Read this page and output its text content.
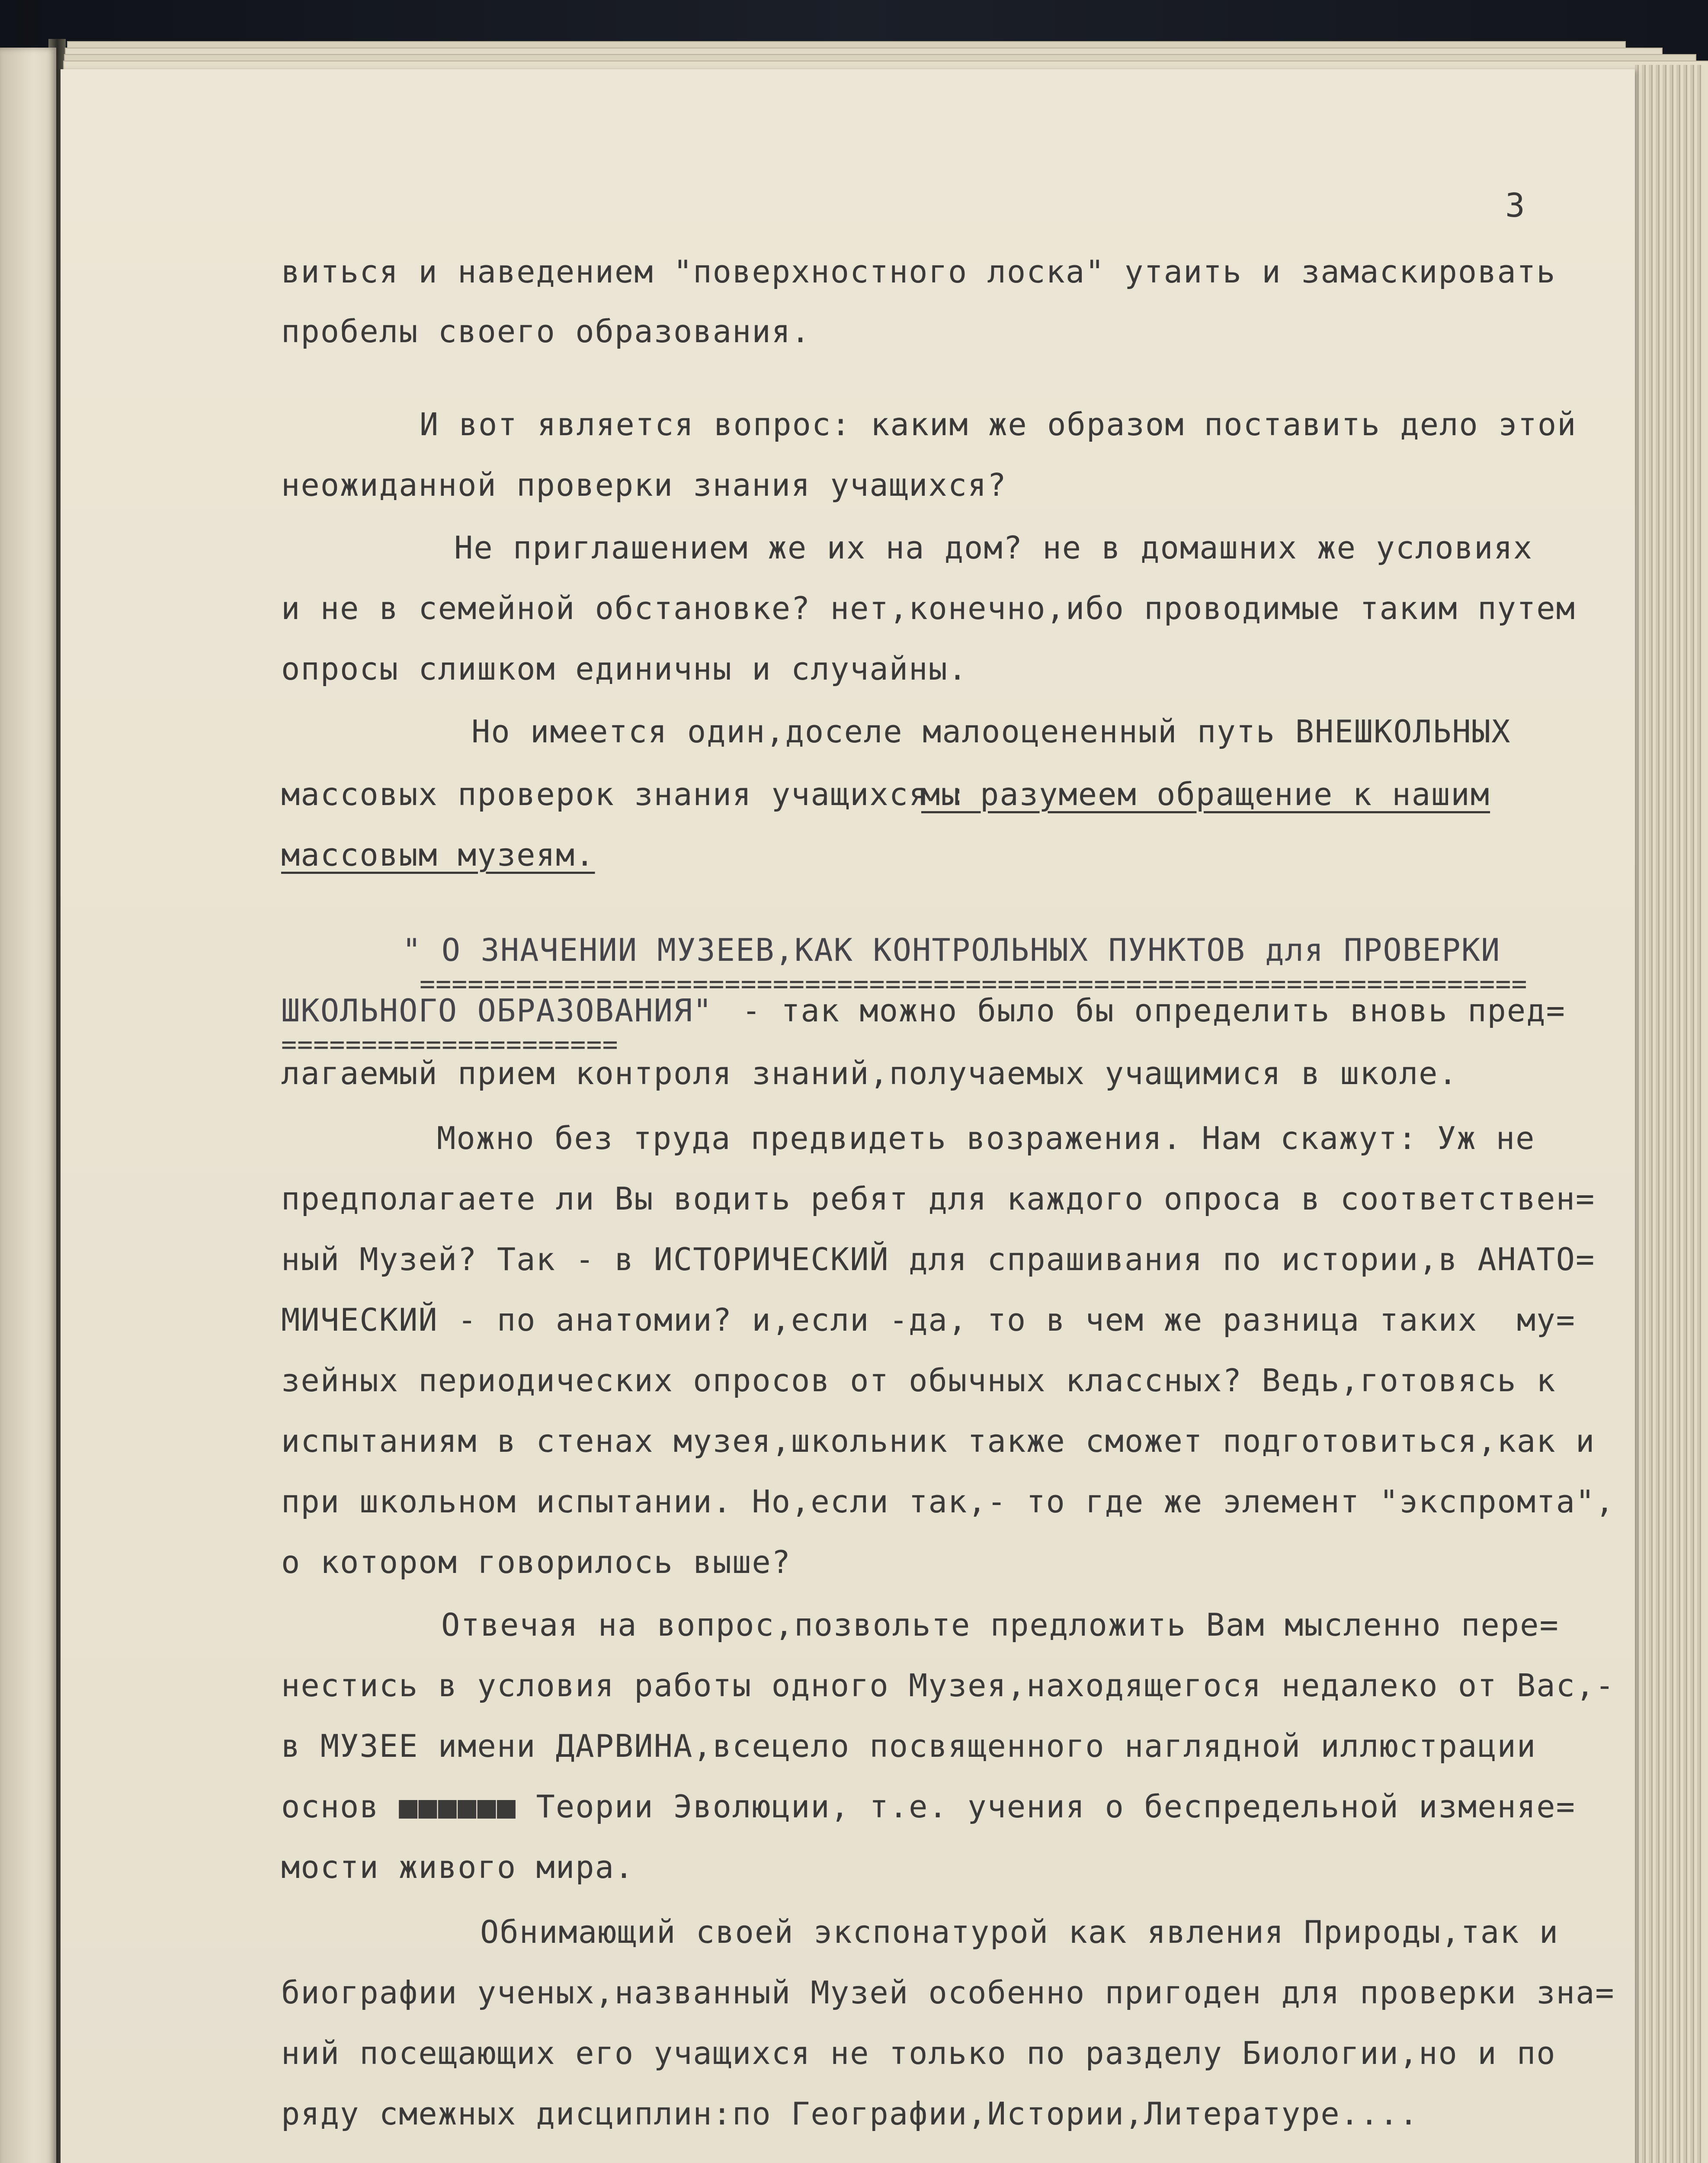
3

виться и наведением "поверхностного лоска" утаить и замаскировать

пробелы своего образования.

И вот является вопрос: каким же образом поставить дело этой

неожиданной проверки знания учащихся?

Не приглашением же их на дом? не в домашних же условиях

и не в семейной обстановке? нет,конечно,ибо проводимые таким путем

опросы слишком единичны и случайны.

Но имеется один,доселе малооцененный путь ВНЕШКОЛЬНЫХ

массовых проверок знания учащихся :

мы разумеем обращение к нашим

массовым музеям.

" О ЗНАЧЕНИИ МУЗЕЕВ,КАК КОНТРОЛЬНЫХ ПУНКТОВ для ПРОВЕРКИ

=====================================================================

ШКОЛЬНОГО ОБРАЗОВАНИЯ"

- так можно было бы определить вновь пред=

=====================

лагаемый прием контроля знаний,получаемых учащимися в школе.

Можно без труда предвидеть возражения. Нам скажут: Уж не

предполагаете ли Вы водить ребят для каждого опроса в соответствен=

ный Музей? Так - в ИСТОРИЧЕСКИЙ для спрашивания по истории,в АНАТО=

МИЧЕСКИЙ - по анатомии? и,если -да, то в чем же разница таких  му=

зейных периодических опросов от обычных классных? Ведь,готовясь к

испытаниям в стенах музея,школьник также сможет подготовиться,как и

при школьном испытании. Но,если так,- то где же элемент "экспромта",

о котором говорилось выше?

Отвечая на вопрос,позвольте предложить Вам мысленно пере=

нестись в условия работы одного Музея,находящегося недалеко от Вас,-

в МУЗЕЕ имени ДАРВИНА,всецело посвященного наглядной иллюстрации

основ ■■■■■■ Теории Эволюции, т.е. учения о беспредельной изменяе=

мости живого мира.

Обнимающий своей экспонатурой как явления Природы,так и

биографии ученых,названный Музей особенно пригоден для проверки зна=

ний посещающих его учащихся не только по разделу Биологии,но и по

ряду смежных дисциплин:по Географии,Истории,Литературе....
